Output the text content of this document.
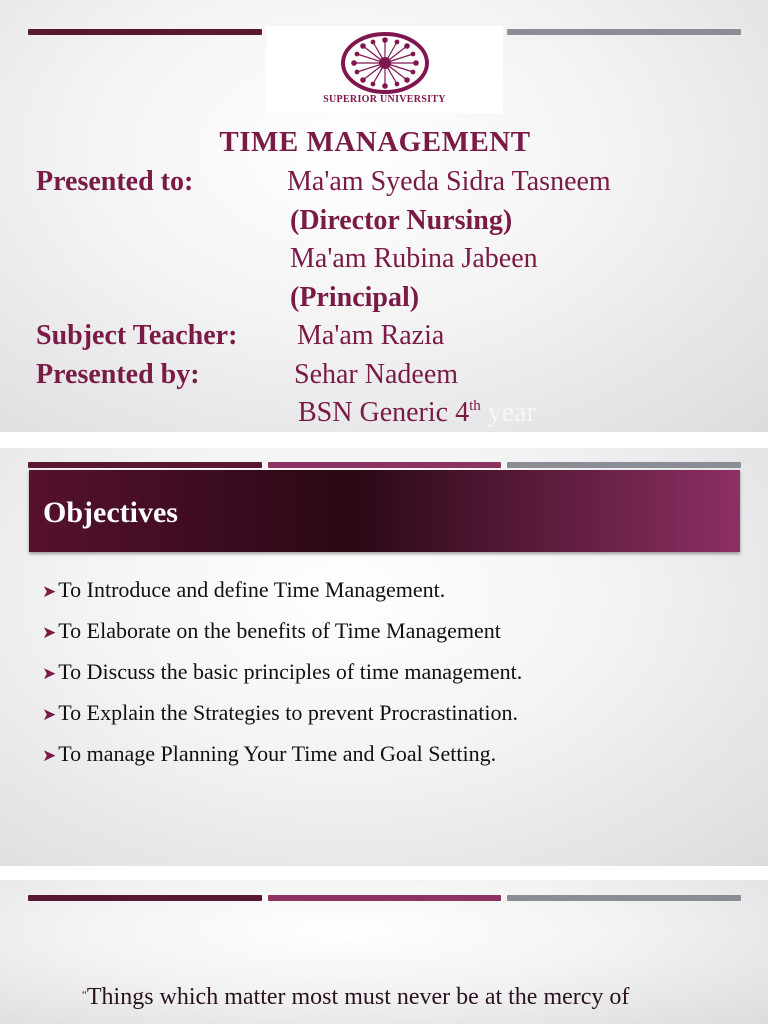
SUPERIOR UNIVERSITY
TIME MANAGEMENT
Presented to:	Ma'am Syeda Sidra Tasneem
(Director Nursing)
Ma'am Rubina Jabeen
(Principal)
Subject Teacher: Ma'am Razia
Presented by:	Sehar Nadeem
BSN Generic 4th year
Objectives
➤To Introduce and define Time Management.
➤To Elaborate on the benefits of Time Management
➤To Discuss the basic principles of time management.
➤To Explain the Strategies to prevent Procrastination.
➤To manage Planning Your Time and Goal Setting.
“Things which matter most must never be at the mercy of
